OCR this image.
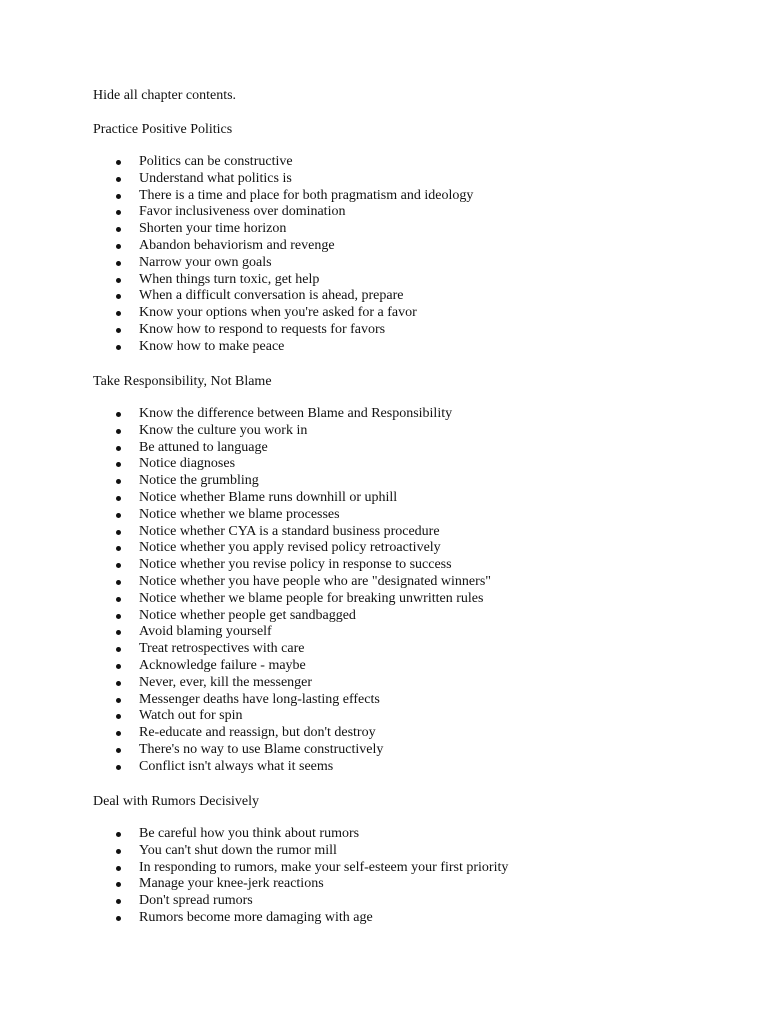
Hide all chapter contents.
Practice Positive Politics
Politics can be constructive
Understand what politics is
There is a time and place for both pragmatism and ideology
Favor inclusiveness over domination
Shorten your time horizon
Abandon behaviorism and revenge
Narrow your own goals
When things turn toxic, get help
When a difficult conversation is ahead, prepare
Know your options when you're asked for a favor
Know how to respond to requests for favors
Know how to make peace
Take Responsibility, Not Blame
Know the difference between Blame and Responsibility
Know the culture you work in
Be attuned to language
Notice diagnoses
Notice the grumbling
Notice whether Blame runs downhill or uphill
Notice whether we blame processes
Notice whether CYA is a standard business procedure
Notice whether you apply revised policy retroactively
Notice whether you revise policy in response to success
Notice whether you have people who are "designated winners"
Notice whether we blame people for breaking unwritten rules
Notice whether people get sandbagged
Avoid blaming yourself
Treat retrospectives with care
Acknowledge failure - maybe
Never, ever, kill the messenger
Messenger deaths have long-lasting effects
Watch out for spin
Re-educate and reassign, but don't destroy
There's no way to use Blame constructively
Conflict isn't always what it seems
Deal with Rumors Decisively
Be careful how you think about rumors
You can't shut down the rumor mill
In responding to rumors, make your self-esteem your first priority
Manage your knee-jerk reactions
Don't spread rumors
Rumors become more damaging with age
